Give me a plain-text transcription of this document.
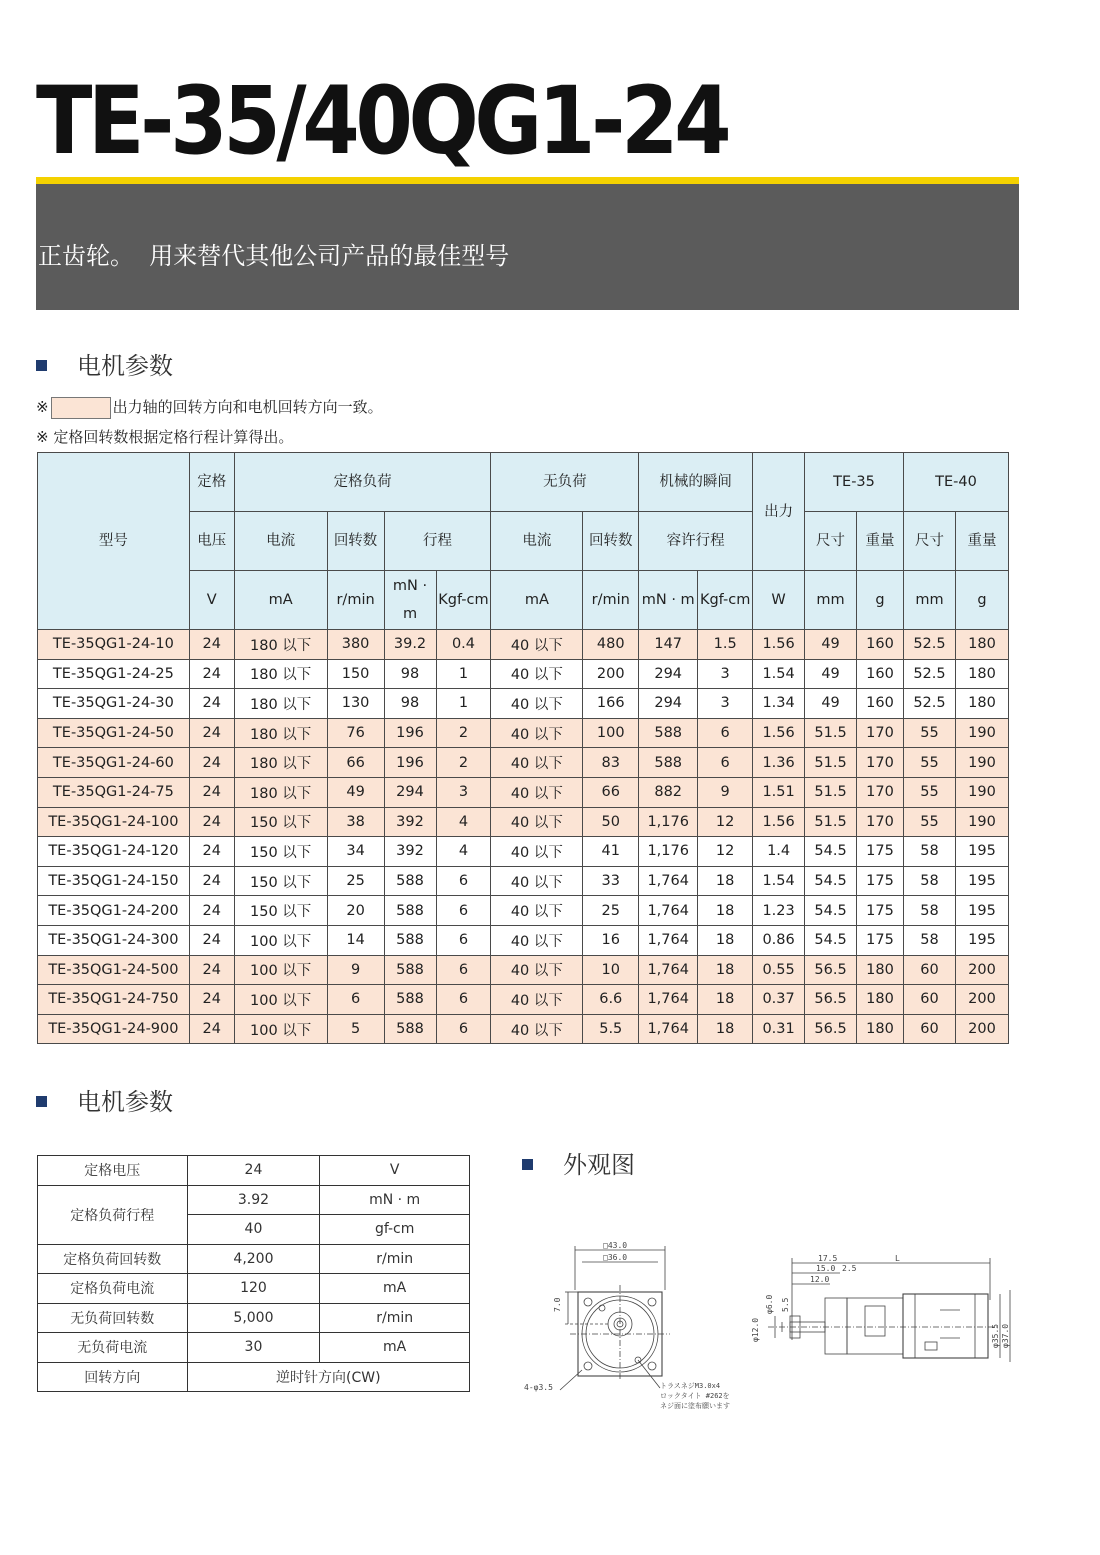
TE-35/40QG1-24
正齿轮。  用来替代其他公司产品的最佳型号
电机参数
※	出力轴的回转方向和电机回转方向一致。
※ 定格回转数根据定格行程计算得出。
型号	定格	定格负荷				无负荷		机械的瞬间		出力	TE-35		TE-40	
	电压	电流	回转数	行程		电流	回转数	容许行程			尺寸	重量	尺寸	重量
	V	mA	r/min	mN · m	Kgf-cm	mA	r/min	mN · m	Kgf-cm	W	mm	g	mm	g
TE-35QG1-24-10	24	180 以下	380	39.2	0.4	40 以下	480	147	1.5	1.56	49	160	52.5	180
TE-35QG1-24-25	24	180 以下	150	98	1	40 以下	200	294	3	1.54	49	160	52.5	180
TE-35QG1-24-30	24	180 以下	130	98	1	40 以下	166	294	3	1.34	49	160	52.5	180
TE-35QG1-24-50	24	180 以下	76	196	2	40 以下	100	588	6	1.56	51.5	170	55	190
TE-35QG1-24-60	24	180 以下	66	196	2	40 以下	83	588	6	1.36	51.5	170	55	190
TE-35QG1-24-75	24	180 以下	49	294	3	40 以下	66	882	9	1.51	51.5	170	55	190
TE-35QG1-24-100	24	150 以下	38	392	4	40 以下	50	1,176	12	1.56	51.5	170	55	190
TE-35QG1-24-120	24	150 以下	34	392	4	40 以下	41	1,176	12	1.4	54.5	175	58	195
TE-35QG1-24-150	24	150 以下	25	588	6	40 以下	33	1,764	18	1.54	54.5	175	58	195
TE-35QG1-24-200	24	150 以下	20	588	6	40 以下	25	1,764	18	1.23	54.5	175	58	195
TE-35QG1-24-300	24	100 以下	14	588	6	40 以下	16	1,764	18	0.86	54.5	175	58	195
TE-35QG1-24-500	24	100 以下	9	588	6	40 以下	10	1,764	18	0.55	56.5	180	60	200
TE-35QG1-24-750	24	100 以下	6	588	6	40 以下	6.6	1,764	18	0.37	56.5	180	60	200
TE-35QG1-24-900	24	100 以下	5	588	6	40 以下	5.5	1,764	18	0.31	56.5	180	60	200
电机参数
定格电压	24	V
定格负荷行程	3.92	mN · m
	40	gf-cm
定格负荷回转数	4,200	r/min
定格负荷电流	120	mA
无负荷回转数	5,000	r/min
无负荷电流	30	mA
回转方向	逆时针方向(CW)	
外观图
□43.0
□36.0
7.0
4-φ3.5	トラスネジM3.0x4
ロックタイト #262を
ネジ面に塗布願います
17.5
15.0 2.5
12.0
L
5.5
φ6.0
φ12.0	φ35.5 φ37.0
